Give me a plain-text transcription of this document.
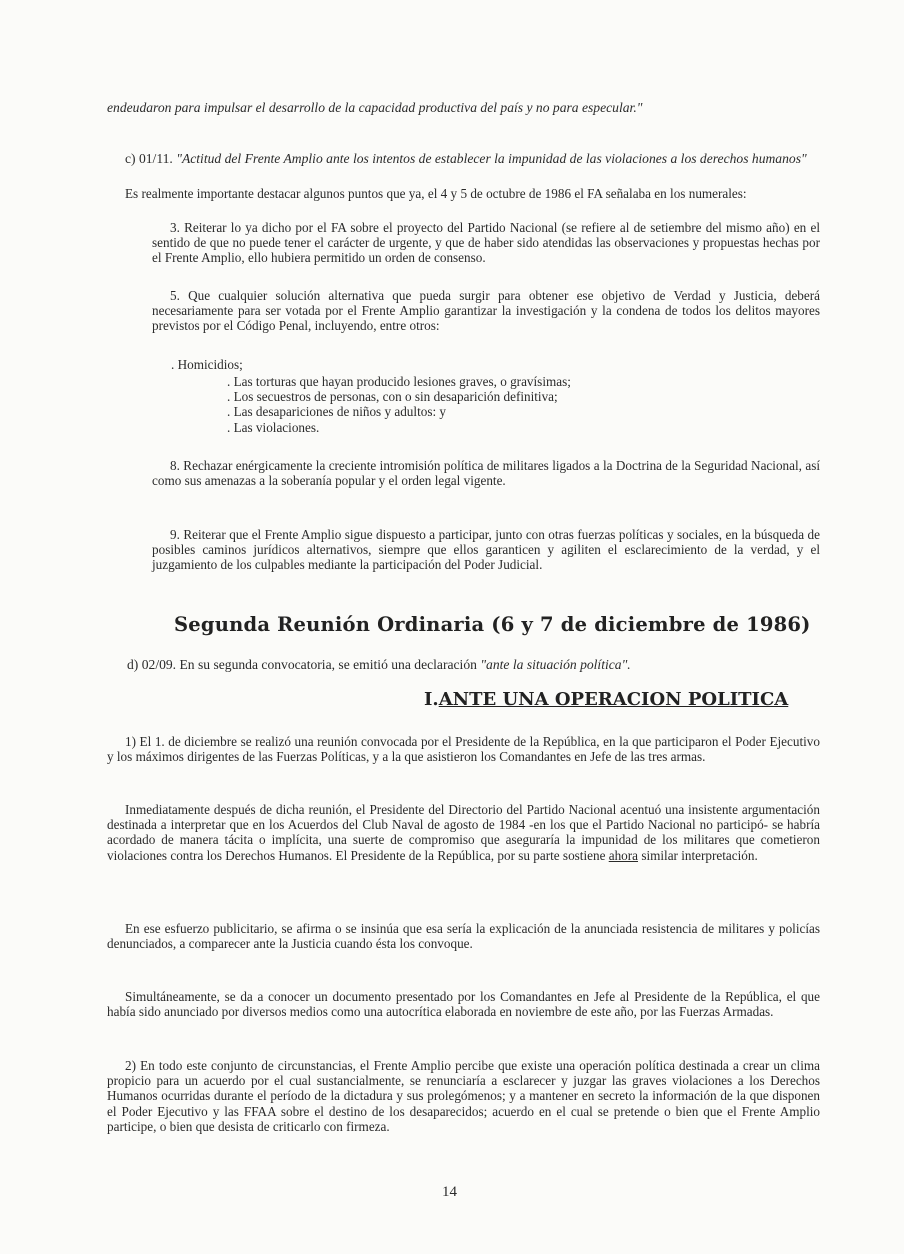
endeudaron para impulsar el desarrollo de la capacidad productiva del país y no para especular."
c) 01/11. "Actitud del Frente Amplio ante los intentos de establecer la impunidad de las violaciones a los derechos humanos"
Es realmente importante destacar algunos puntos que ya, el 4 y 5 de octubre de 1986 el FA señalaba en los numerales:
3. Reiterar lo ya dicho por el FA sobre el proyecto del Partido Nacional (se refiere al de setiembre del mismo año) en el sentido de que no puede tener el carácter de urgente, y que de haber sido atendidas las observaciones y propuestas hechas por el Frente Amplio, ello hubiera permitido un orden de consenso.
5. Que cualquier solución alternativa que pueda surgir para obtener ese objetivo de Verdad y Justicia, deberá necesariamente para ser votada por el Frente Amplio garantizar la investigación y la condena de todos los delitos mayores previstos por el Código Penal, incluyendo, entre otros:
. Homicidios;
. Las torturas que hayan producido lesiones graves, o gravísimas;
. Los secuestros de personas, con o sin desaparición definitiva;
. Las desapariciones de niños y adultos: y
. Las violaciones.
8. Rechazar enérgicamente la creciente intromisión política de militares ligados a la Doctrina de la Seguridad Nacional, así como sus amenazas a la soberanía popular y el orden legal vigente.
9. Reiterar que el Frente Amplio sigue dispuesto a participar, junto con otras fuerzas políticas y sociales, en la búsqueda de posibles caminos jurídicos alternativos, siempre que ellos garanticen y agiliten el esclarecimiento de la verdad, y el juzgamiento de los culpables mediante la participación del Poder Judicial.
Segunda Reunión Ordinaria (6 y 7 de diciembre de 1986)
d) 02/09. En su segunda convocatoria, se emitió una declaración "ante la situación política".
I.ANTE UNA OPERACION POLITICA
1) El 1. de diciembre se realizó una reunión convocada por el Presidente de la República, en la que participaron el Poder Ejecutivo y los máximos dirigentes de las Fuerzas Políticas, y a la que asistieron los Comandantes en Jefe de las tres armas.
Inmediatamente después de dicha reunión, el Presidente del Directorio del Partido Nacional acentuó una insistente argumentación destinada a interpretar que en los Acuerdos del Club Naval de agosto de 1984 -en los que el Partido Nacional no participó- se habría acordado de manera tácita o implícita, una suerte de compromiso que aseguraría la impunidad de los militares que cometieron violaciones contra los Derechos Humanos. El Presidente de la República, por su parte sostiene ahora similar interpretación.
En ese esfuerzo publicitario, se afirma o se insinúa que esa sería la explicación de la anunciada resistencia de militares y policías denunciados, a comparecer ante la Justicia cuando ésta los convoque.
Simultáneamente, se da a conocer un documento presentado por los Comandantes en Jefe al Presidente de la República, el que había sido anunciado por diversos medios como una autocrítica elaborada en noviembre de este año, por las Fuerzas Armadas.
2) En todo este conjunto de circunstancias, el Frente Amplio percibe que existe una operación política destinada a crear un clima propicio para un acuerdo por el cual sustancialmente, se renunciaría a esclarecer y juzgar las graves violaciones a los Derechos Humanos ocurridas durante el período de la dictadura y sus prolegómenos; y a mantener en secreto la información de la que disponen el Poder Ejecutivo y las FFAA sobre el destino de los desaparecidos; acuerdo en el cual se pretende o bien que el Frente Amplio participe, o bien que desista de criticarlo con firmeza.
14
